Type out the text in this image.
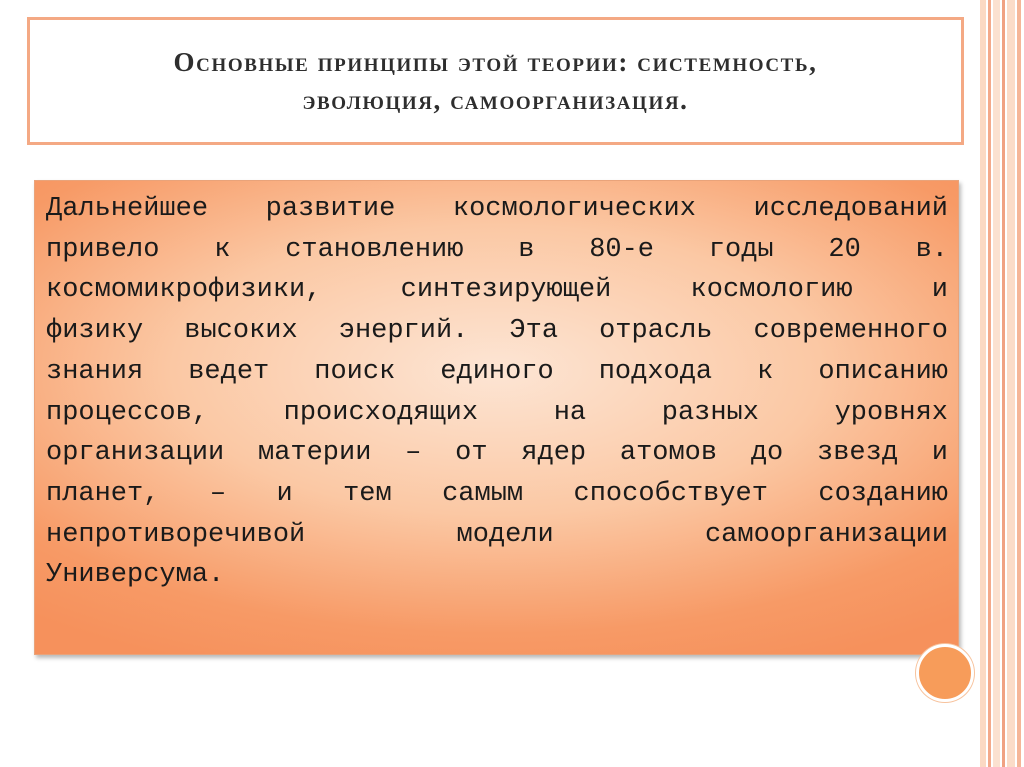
Основные принципы этой теории: системность,
эволюция, самоорганизация.

Дальнейшее развитие космологических исследований
привело к становлению в 80-е годы 20 в.
космомикрофизики, синтезирующей космологию и
физику высоких энергий. Эта отрасль современного
знания ведет поиск единого подхода к описанию
процессов, происходящих на разных уровнях
организации материи – от ядер атомов до звезд и
планет, – и тем самым способствует созданию
непротиворечивой модели самоорганизации
Универсума.
